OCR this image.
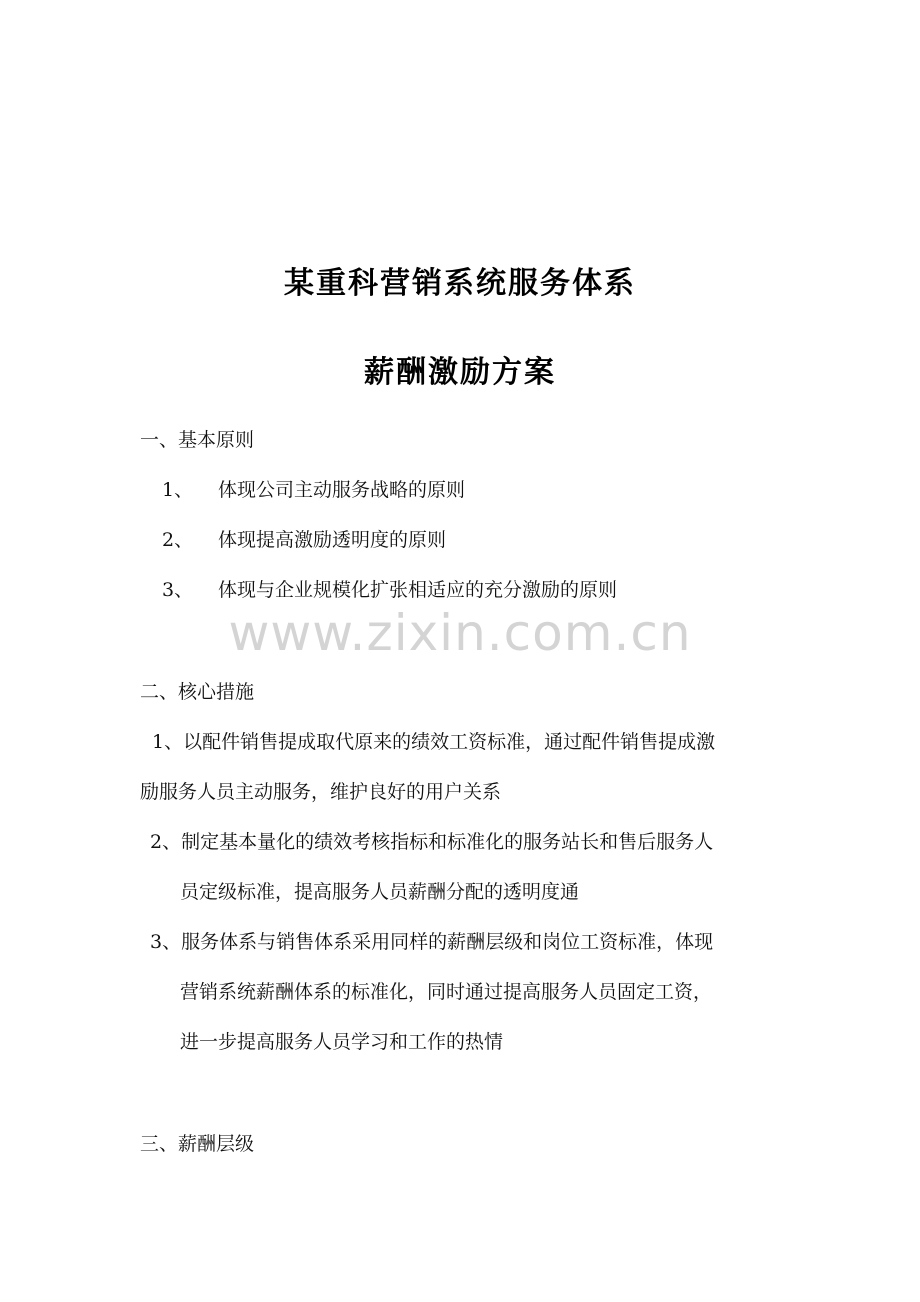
某重科营销系统服务体系
薪酬激励方案
一、基本原则
1、 体现公司主动服务战略的原则
2、 体现提高激励透明度的原则
3、 体现与企业规模化扩张相适应的充分激励的原则
www.zixin.com.cn
二、核心措施
1、以配件销售提成取代原来的绩效工资标准，通过配件销售提成激
励服务人员主动服务，维护良好的用户关系
2、制定基本量化的绩效考核指标和标准化的服务站长和售后服务人
员定级标准，提高服务人员薪酬分配的透明度通
3、服务体系与销售体系采用同样的薪酬层级和岗位工资标准，体现
营销系统薪酬体系的标准化，同时通过提高服务人员固定工资，
进一步提高服务人员学习和工作的热情
三、薪酬层级
